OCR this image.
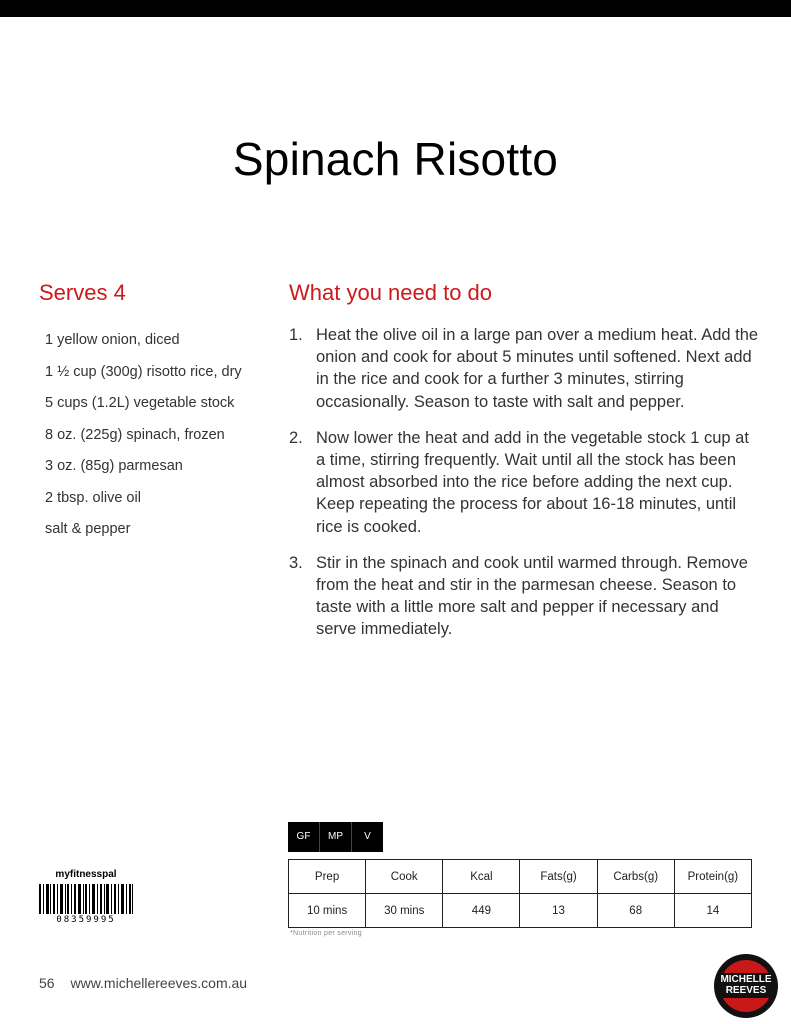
Spinach Risotto
Serves 4	What you need to do
1 yellow onion, diced
1 ½ cup (300g) risotto rice, dry
5 cups (1.2L) vegetable stock
8 oz. (225g) spinach, frozen
3 oz. (85g) parmesan
2 tbsp. olive oil
salt & pepper
1. Heat the olive oil in a large pan over a medium heat. Add the onion and cook for about 5 minutes until softened. Next add in the rice and cook for a further 3 minutes, stirring occasionally. Season to taste with salt and pepper.
2. Now lower the heat and add in the vegetable stock 1 cup at a time, stirring frequently. Wait until all the stock has been almost absorbed into the rice before adding the next cup. Keep repeating the process for about 16-18 minutes, until rice is cooked.
3. Stir in the spinach and cook until warmed through. Remove from the heat and stir in the parmesan cheese. Season to taste with a little more salt and pepper if necessary and serve immediately.
GF	MP	V
Prep	Cook	Kcal	Fats(g)	Carbs(g)	Protein(g)
10 mins	30 mins	449	13	68	14
*Nutrition per serving
myfitnesspal
08359995
56 www.michellereeves.com.au	MICHELLE
REEVES
